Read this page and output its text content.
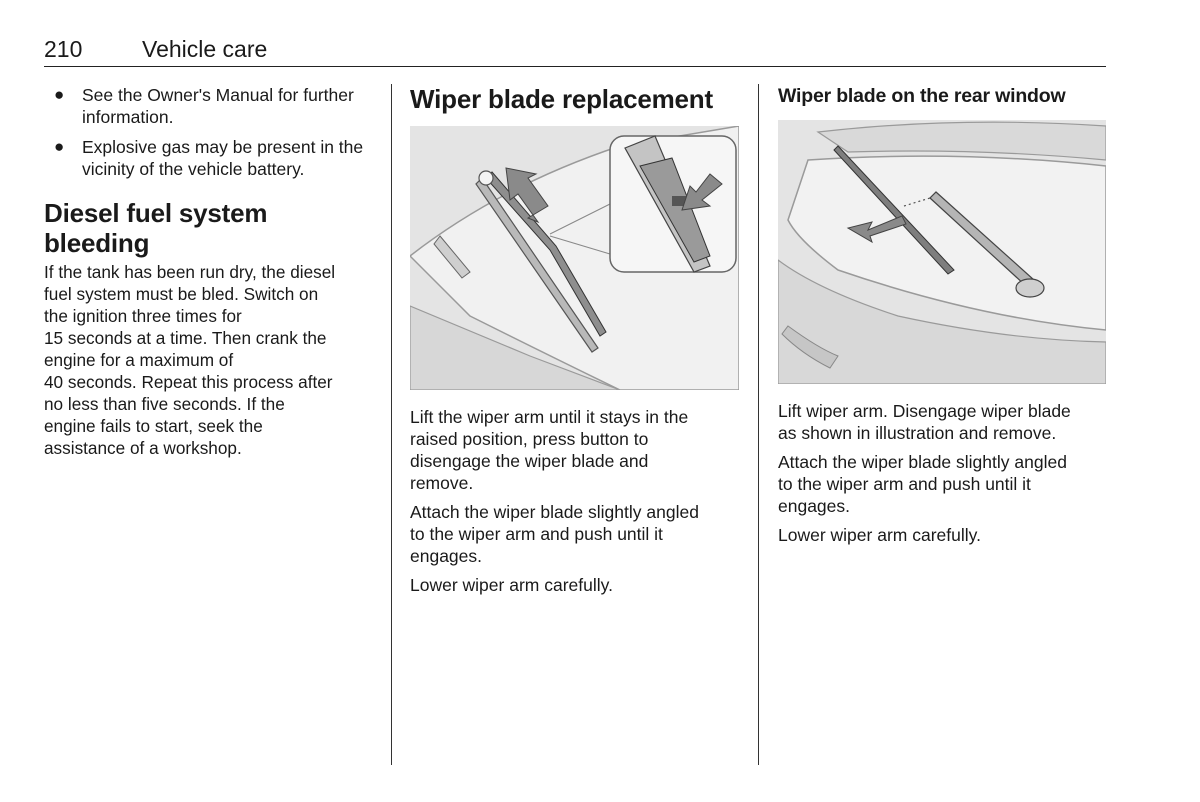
210	Vehicle care
● See the Owner's Manual for further information.
● Explosive gas may be present in the vicinity of the vehicle battery.
Diesel fuel system bleeding

If the tank has been run dry, the diesel
fuel system must be bled. Switch on
the ignition three times for
15 seconds at a time. Then crank the
engine for a maximum of
40 seconds. Repeat this process after
no less than five seconds. If the
engine fails to start, seek the
assistance of a workshop.

Wiper blade replacement

Lift the wiper arm until it stays in the
raised position, press button to
disengage the wiper blade and
remove.

Attach the wiper blade slightly angled
to the wiper arm and push until it
engages.

Lower wiper arm carefully.

Wiper blade on the rear window

Lift wiper arm. Disengage wiper blade
as shown in illustration and remove.

Attach the wiper blade slightly angled
to the wiper arm and push until it
engages.

Lower wiper arm carefully.
